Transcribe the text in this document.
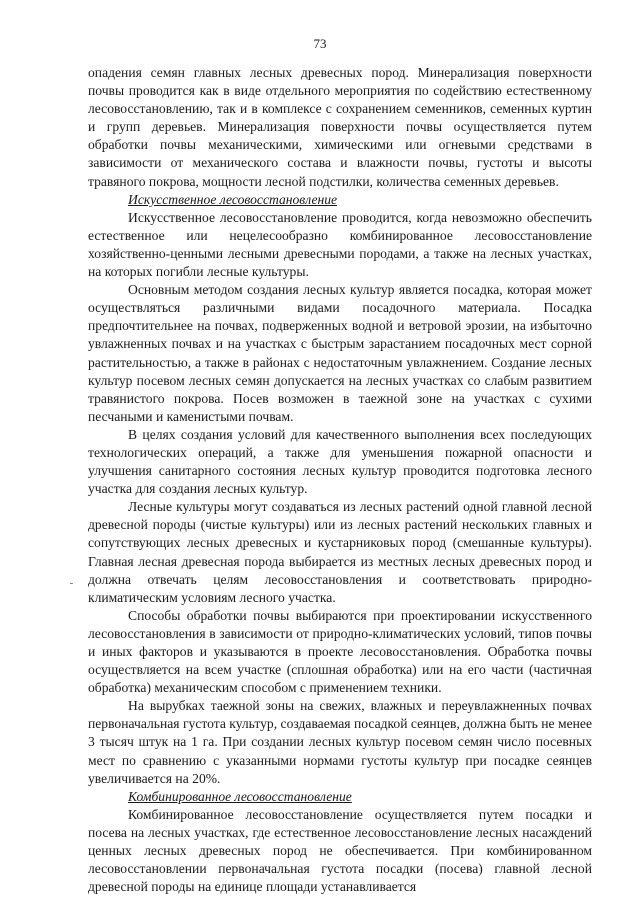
73

опадения семян главных лесных древесных пород. Минерализация поверхности почвы проводится как в виде отдельного мероприятия по содействию естественному лесовосстановлению, так и в комплексе с сохранением семенников, семенных куртин и групп деревьев. Минерализация поверхности почвы осуществляется путем обработки почвы механическими, химическими или огневыми средствами в зависимости от механического состава и влажности почвы, густоты и высоты травяного покрова, мощности лесной подстилки, количества семенных деревьев.

Искусственное лесовосстановление

Искусственное лесовосстановление проводится, когда невозможно обеспечить естественное или нецелесообразно комбинированное лесовосстановление хозяйственно-ценными лесными древесными породами, а также на лесных участках, на которых погибли лесные культуры.

Основным методом создания лесных культур является посадка, которая может осуществляться различными видами посадочного материала. Посадка предпочтительнее на почвах, подверженных водной и ветровой эрозии, на избыточно увлажненных почвах и на участках с быстрым зарастанием посадочных мест сорной растительностью, а также в районах с недостаточным увлажнением. Создание лесных культур посевом лесных семян допускается на лесных участках со слабым развитием травянистого покрова. Посев возможен в таежной зоне на участках с сухими песчаными и каменистыми почвам.

В целях создания условий для качественного выполнения всех последующих технологических операций, а также для уменьшения пожарной опасности и улучшения санитарного состояния лесных культур проводится подготовка лесного участка для создания лесных культур.

Лесные культуры могут создаваться из лесных растений одной главной лесной древесной породы (чистые культуры) или из лесных растений нескольких главных и сопутствующих лесных древесных и кустарниковых пород (смешанные культуры). Главная лесная древесная порода выбирается из местных лесных древесных пород и должна отвечать целям лесовосстановления и соответствовать природно-климатическим условиям лесного участка.

Способы обработки почвы выбираются при проектировании искусственного лесовосстановления в зависимости от природно-климатических условий, типов почвы и иных факторов и указываются в проекте лесовосстановления. Обработка почвы осуществляется на всем участке (сплошная обработка) или на его части (частичная обработка) механическим способом с применением техники.

На вырубках таежной зоны на свежих, влажных и переувлажненных почвах первоначальная густота культур, создаваемая посадкой сеянцев, должна быть не менее 3 тысяч штук на 1 га. При создании лесных культур посевом семян число посевных мест по сравнению с указанными нормами густоты культур при посадке сеянцев увеличивается на 20%.

Комбинированное лесовосстановление

Комбинированное лесовосстановление осуществляется путем посадки и посева на лесных участках, где естественное лесовосстановление лесных насаждений ценных лесных древесных пород не обеспечивается. При комбинированном лесовосстановлении первоначальная густота посадки (посева) главной лесной древесной породы на единице площади устанавливается
